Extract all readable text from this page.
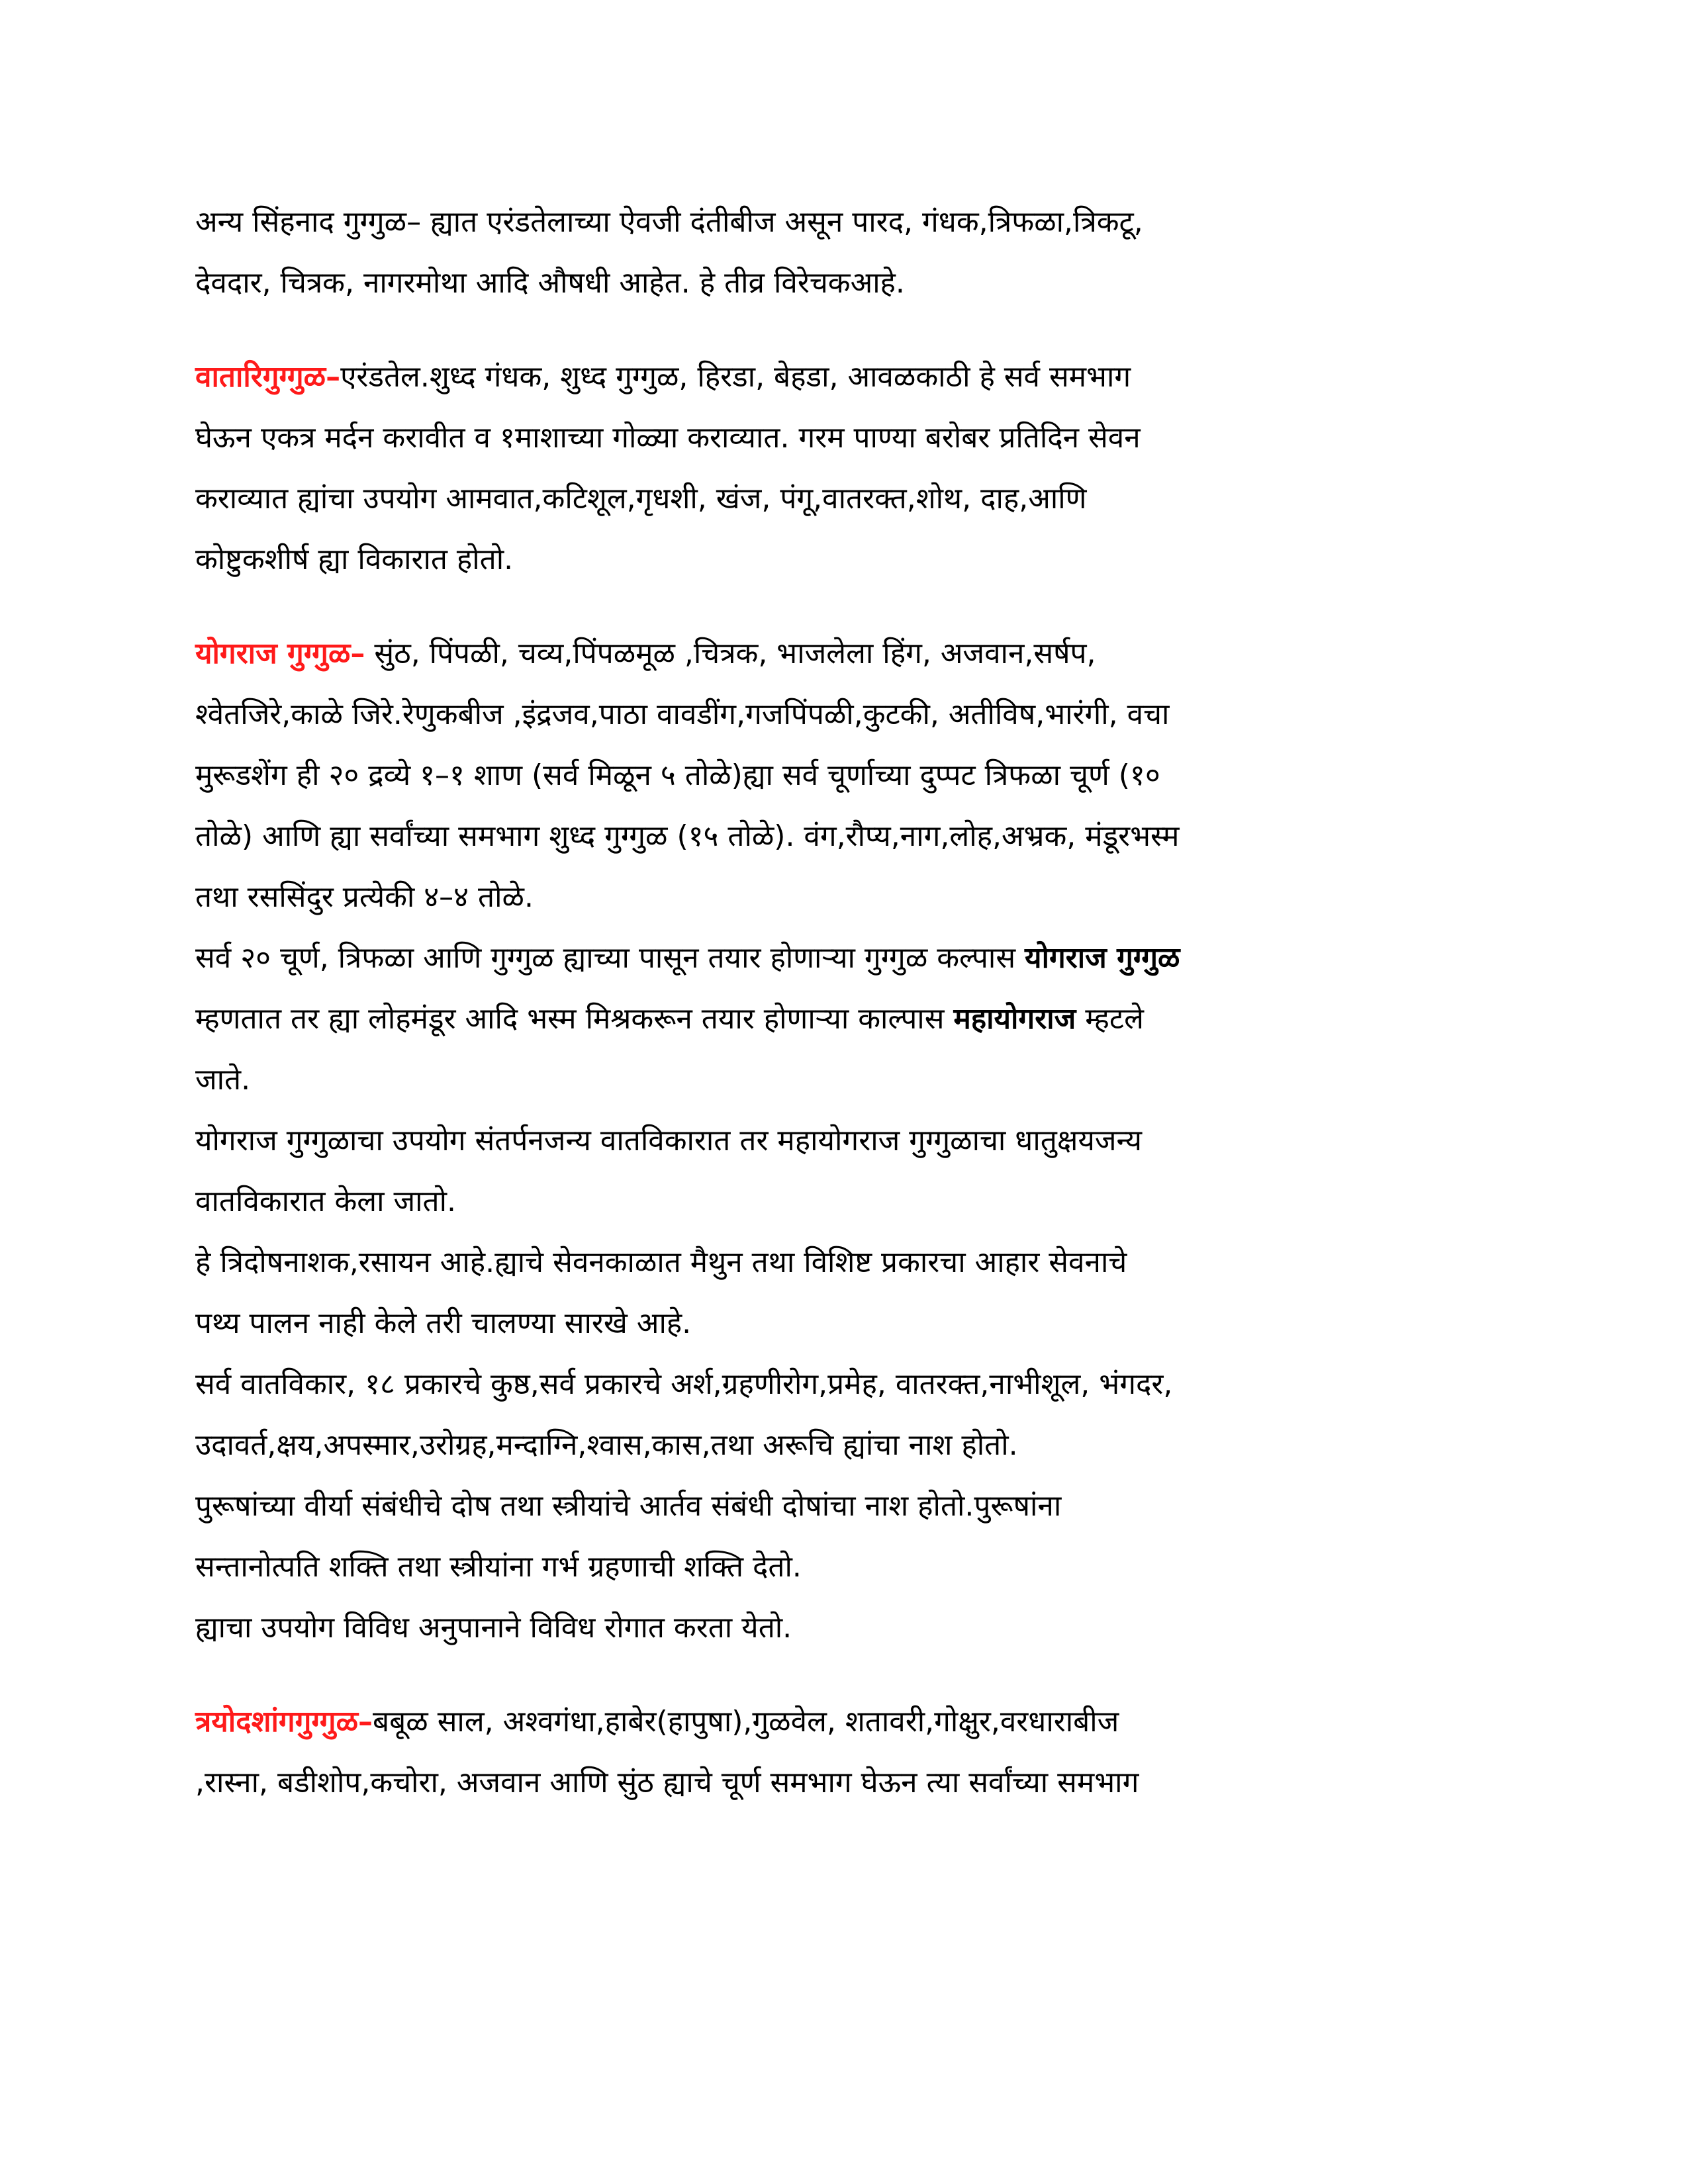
अन्य सिंहनाद गुग्गुळ– ह्यात एरंडतेलाच्या ऐवजी दंतीबीज असून पारद, गंधक,त्रिफळा,त्रिकटू,

देवदार, चित्रक, नागरमोथा आदि औषधी आहेत. हे तीव्र विरेचकआहे.

वातारिगुग्गुळ–एरंडतेल.शुध्द गंधक, शुध्द गुग्गुळ, हिरडा, बेहडा, आवळकाठी हे सर्व समभाग

घेऊन एकत्र मर्दन करावीत व १माशाच्या गोळ्या कराव्यात. गरम पाण्या बरोबर प्रतिदिन सेवन

कराव्यात ह्यांचा उपयोग आमवात,कटिशूल,गृधशी, खंज, पंगू,वातरक्त,शोथ, दाह,आणि

कोष्टुकशीर्ष ह्या विकारात होतो.

योगराज गुग्गुळ– सुंठ, पिंपळी, चव्य,पिंपळमूळ ,चित्रक, भाजलेला हिंग, अजवान,सर्षप,

श्वेतजिरे,काळे जिरे.रेणुकबीज ,इंद्रजव,पाठा वावडींग,गजपिंपळी,कुटकी, अतीविष,भारंगी, वचा

मुरूडशेंग ही २० द्रव्ये १–१ शाण (सर्व मिळून ५ तोळे)ह्या सर्व चूर्णाच्या दुप्पट त्रिफळा चूर्ण (१०

तोळे) आणि ह्या सर्वांच्या समभाग शुध्द गुग्गुळ (१५ तोळे). वंग,रौप्य,नाग,लोह,अभ्रक, मंडूरभस्म

तथा रससिंदुर प्रत्येकी ४–४ तोळे.

सर्व २० चूर्ण, त्रिफळा आणि गुग्गुळ ह्याच्या पासून तयार होणाऱ्या गुग्गुळ कल्पास योगराज गुग्गुळ

म्हणतात तर ह्या लोहमंडूर आदि भस्म मिश्रकरून तयार होणाऱ्या काल्पास महायोगराज म्हटले

जाते.

योगराज गुग्गुळाचा उपयोग संतर्पनजन्य वातविकारात तर महायोगराज गुग्गुळाचा धातुक्षयजन्य

वातविकारात केला जातो.

हे त्रिदोषनाशक,रसायन आहे.ह्याचे सेवनकाळात मैथुन तथा विशिष्ट प्रकारचा आहार सेवनाचे

पथ्य पालन नाही केले तरी चालण्या सारखे आहे.

सर्व वातविकार, १८ प्रकारचे कुष्ठ,सर्व प्रकारचे अर्श,ग्रहणीरोग,प्रमेह, वातरक्त,नाभीशूल, भंगदर,

उदावर्त,क्षय,अपस्मार,उरोग्रह,मन्दाग्नि,श्वास,कास,तथा अरूचि ह्यांचा नाश होतो.

पुरूषांच्या वीर्या संबंधीचे दोष तथा स्त्रीयांचे आर्तव संबंधी दोषांचा नाश होतो.पुरूषांना

सन्तानोत्पति शक्ति तथा स्त्रीयांना गर्भ ग्रहणाची शक्ति देतो.

ह्याचा उपयोग विविध अनुपानाने विविध रोगात करता येतो.

त्रयोदशांगगुग्गुळ–बबूळ साल, अश्वगंधा,हाबेर(हापुषा),गुळवेल, शतावरी,गोक्षुर,वरधाराबीज

,रास्ना, बडीशोप,कचोरा, अजवान आणि सुंठ ह्याचे चूर्ण समभाग घेऊन त्या सर्वांच्या समभाग
